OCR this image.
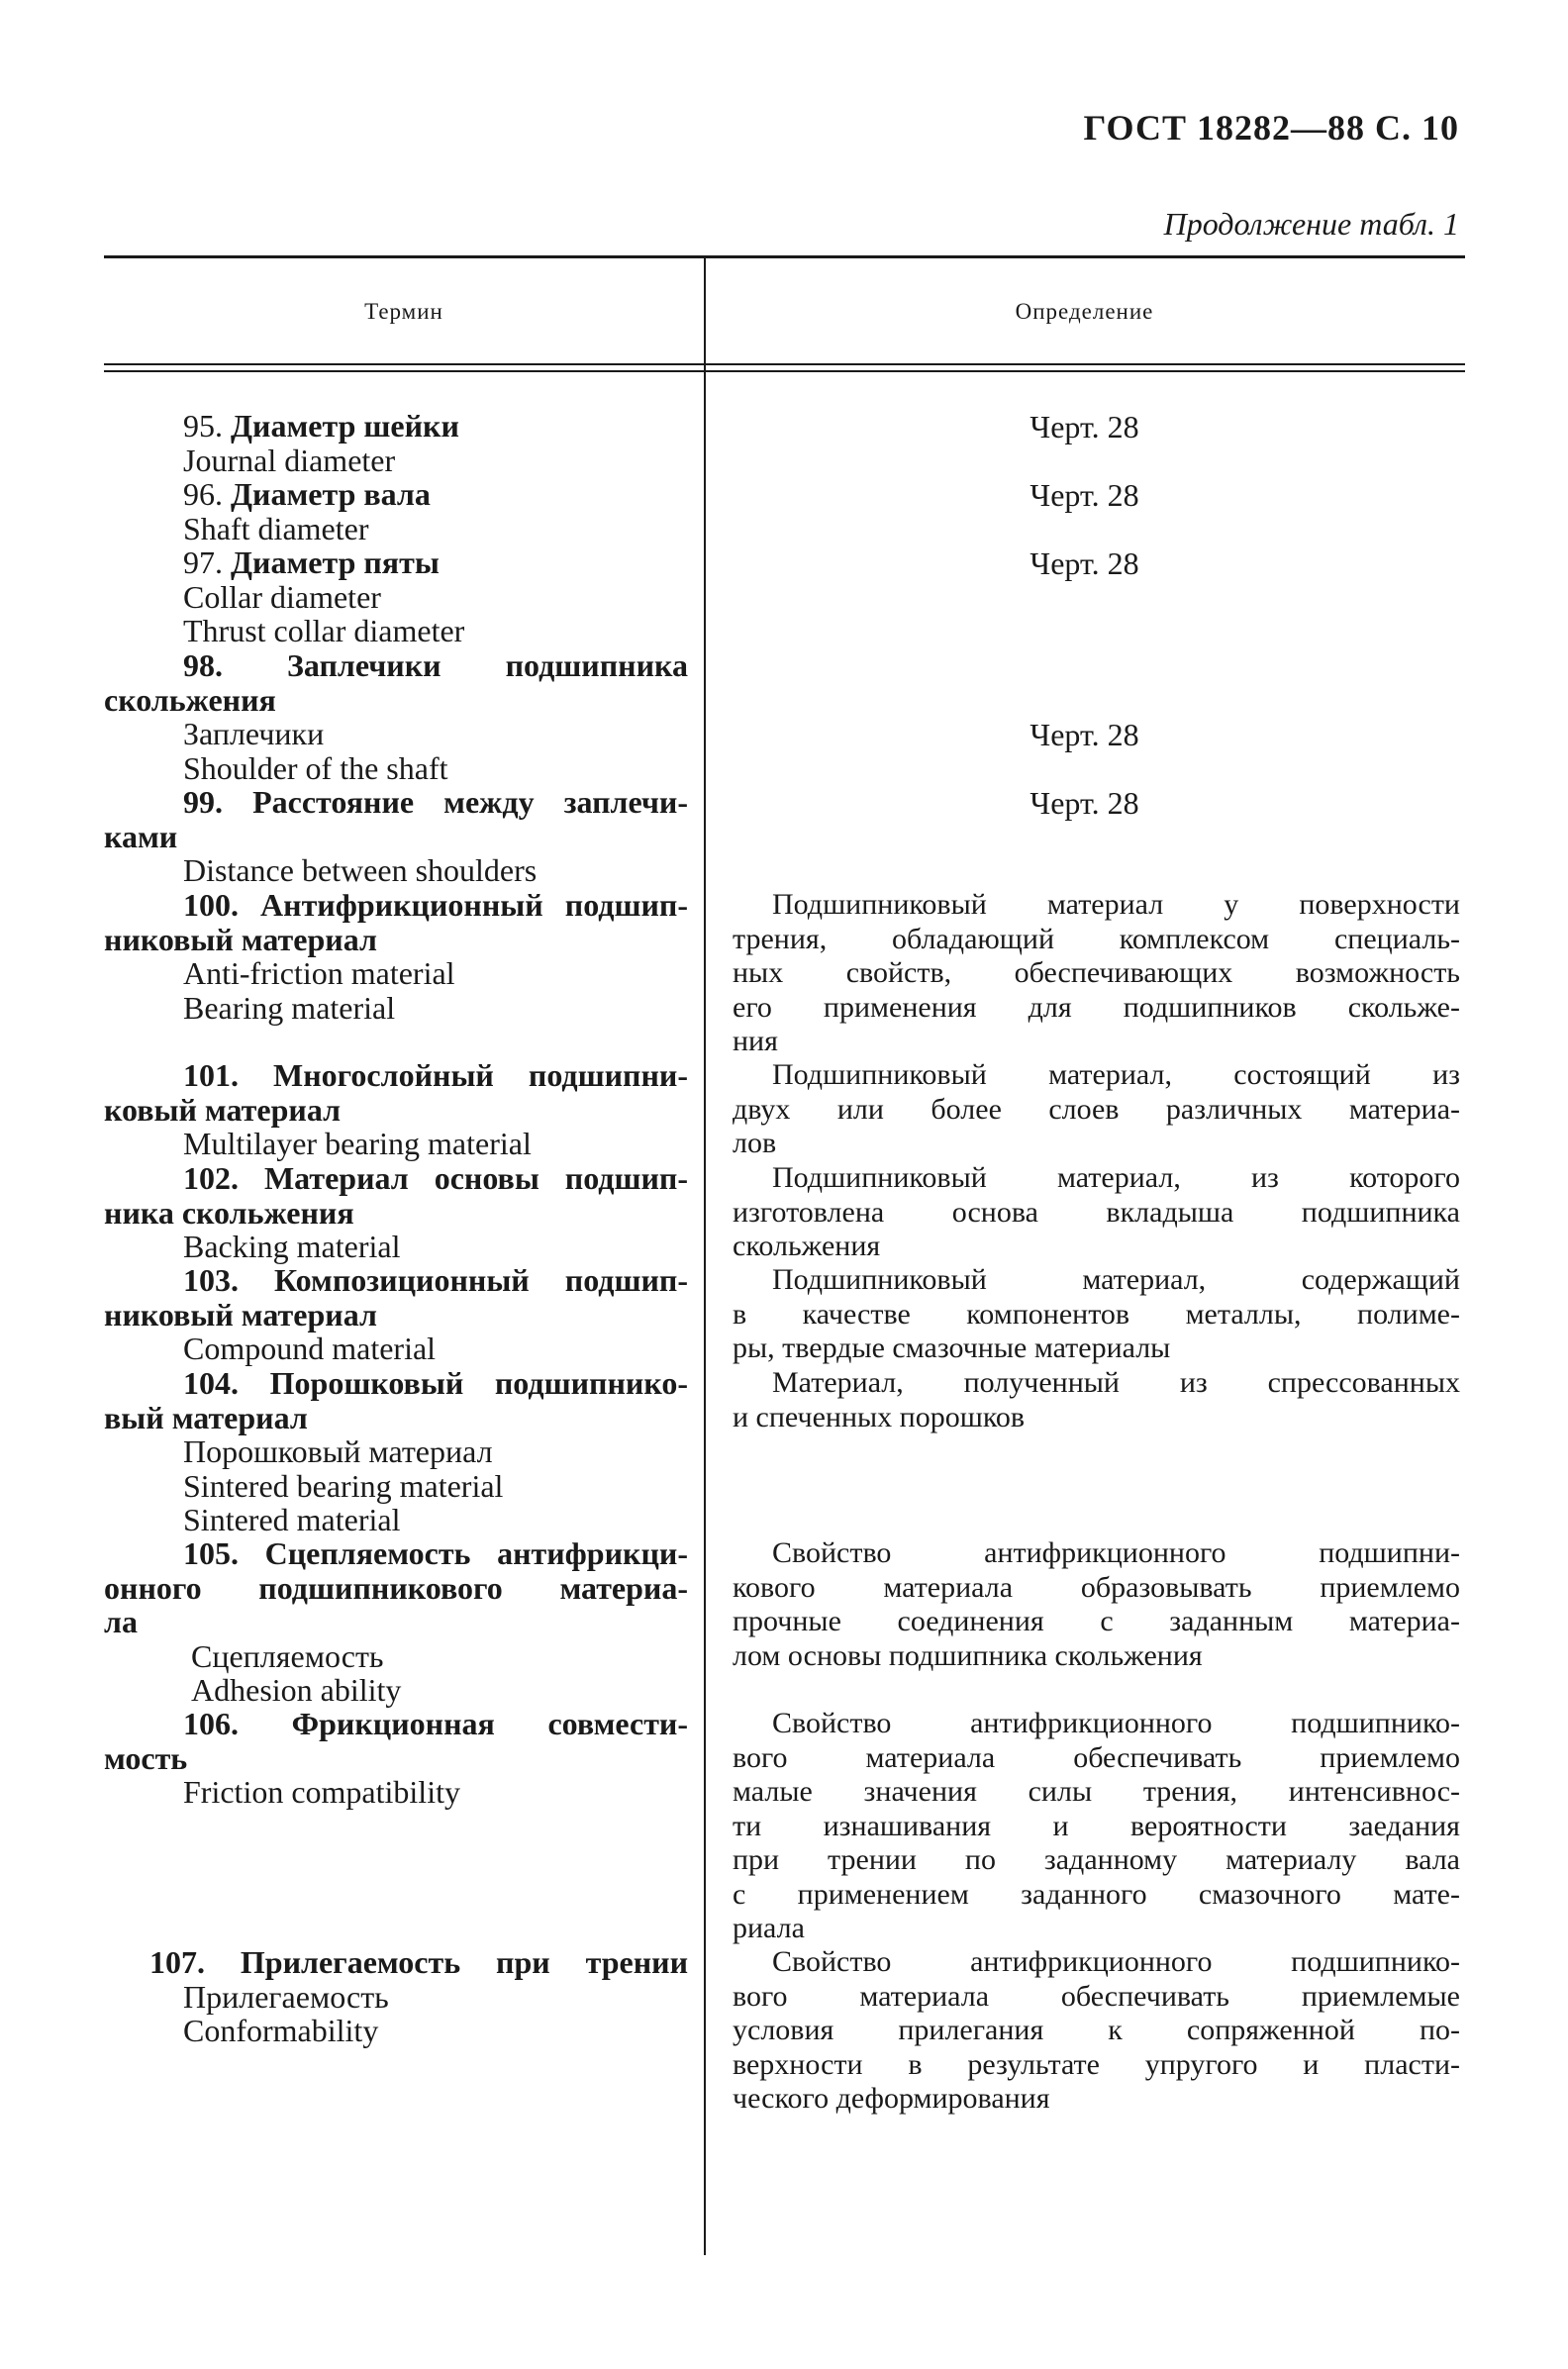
ГОСТ 18282—88 С. 10
Продолжение табл. 1
Термин	Определение
95. Диаметр шейки
Journal diameter
Черт. 28
96. Диаметр вала
Shaft diameter
Черт. 28
97. Диаметр пяты
Collar diameter
Thrust collar diameter
Черт. 28
98. Заплечики подшипника
скольжения
Заплечики
Shoulder of the shaft
Черт. 28
99. Расстояние между заплечи-
ками
Distance between shoulders
Черт. 28
100. Антифрикционный подшип-
никовый материал
Anti-friction material
Bearing material

Подшипниковый материал у поверхности

трения, обладающий комплексом специаль-

ных свойств, обеспечивающих возможность

его применения для подшипников скольже-

ния

101. Многослойный подшипни-
ковый материал
Multilayer bearing material

Подшипниковый материал, состоящий из

двух или более слоев различных материа-

лов

102. Материал основы подшип-
ника скольжения
Backing material

Подшипниковый материал, из которого

изготовлена основа вкладыша подшипника

скольжения

103. Композиционный подшип-
никовый материал
Compound material

Подшипниковый материал, содержащий

в качестве компонентов металлы, полиме-

ры, твердые смазочные материалы

104. Порошковый подшипнико-
вый материал
Порошковый материал
Sintered bearing material
Sintered material

Материал, полученный из спрессованных

и спеченных порошков

105. Сцепляемость антифрикци-
онного подшипникового материа-
ла
Сцепляемость
Adhesion ability

Свойство антифрикционного подшипни-

кового материала образовывать приемлемо

прочные соединения с заданным материа-

лом основы подшипника скольжения

106. Фрикционная совмести-
мость
Friction compatibility

Свойство антифрикционного подшипнико-

вого материала обеспечивать приемлемо

малые значения силы трения, интенсивнос-

ти изнашивания и вероятности заедания

при трении по заданному материалу вала

с применением заданного смазочного мате-

риала

107. Прилегаемость при трении
Прилегаемость
Conformability

Свойство антифрикционного подшипнико-

вого материала обеспечивать приемлемые

условия прилегания к сопряженной по-

верхности в результате упругого и пласти-

ческого деформирования
